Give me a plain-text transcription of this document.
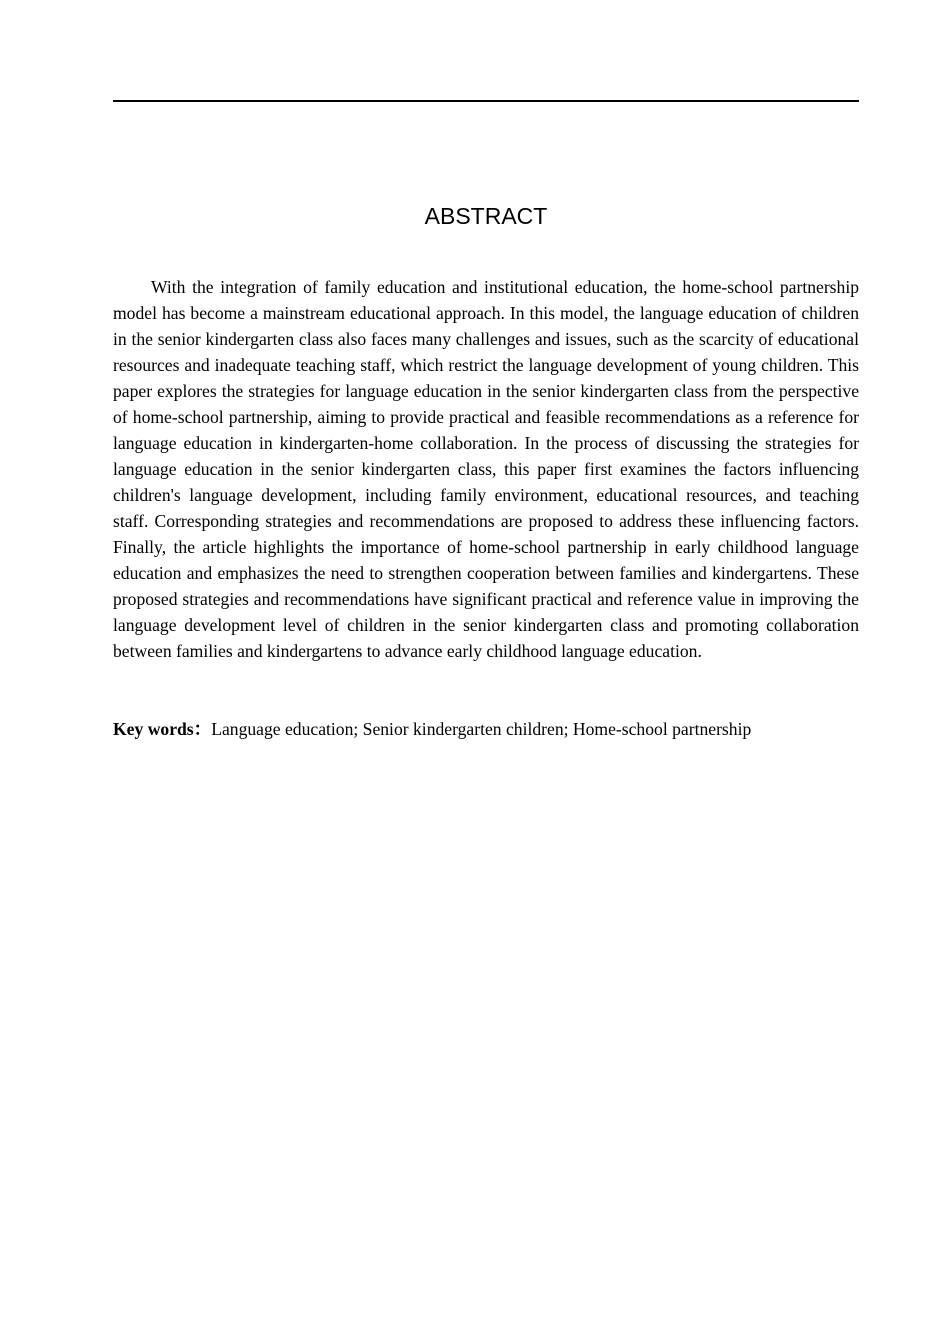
ABSTRACT

With the integration of family education and institutional education, the home-school partnership model has become a mainstream educational approach. In this model, the language education of children in the senior kindergarten class also faces many challenges and issues, such as the scarcity of educational resources and inadequate teaching staff, which restrict the language development of young children. This paper explores the strategies for language education in the senior kindergarten class from the perspective of home-school partnership, aiming to provide practical and feasible recommendations as a reference for language education in kindergarten-home collaboration. In the process of discussing the strategies for language education in the senior kindergarten class, this paper first examines the factors influencing children's language development, including family environment, educational resources, and teaching staff. Corresponding strategies and recommendations are proposed to address these influencing factors. Finally, the article highlights the importance of home-school partnership in early childhood language education and emphasizes the need to strengthen cooperation between families and kindergartens. These proposed strategies and recommendations have significant practical and reference value in improving the language development level of children in the senior kindergarten class and promoting collaboration between families and kindergartens to advance early childhood language education.

Key words：Language education; Senior kindergarten children; Home-school partnership
